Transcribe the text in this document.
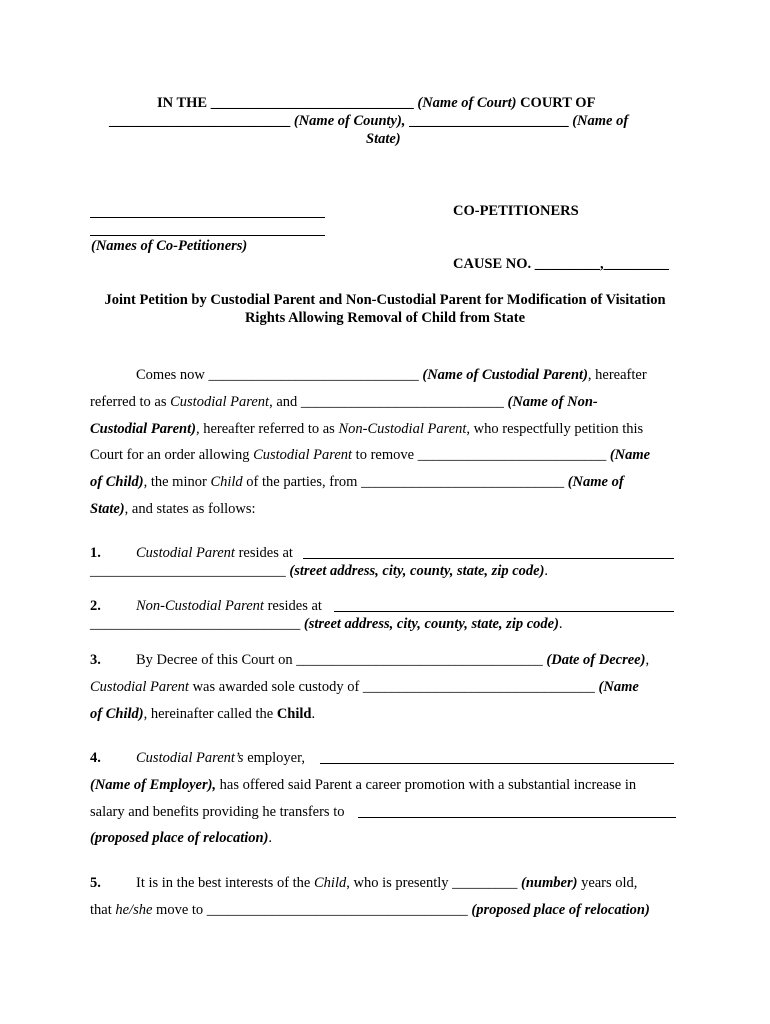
IN THE ____________________________ (Name of Court) COURT OF
_________________________ (Name of County), ______________________ (Name of
State)
(Names of Co-Petitioners)
CO-PETITIONERS
CAUSE NO. _________,_________
Joint Petition by Custodial Parent and Non-Custodial Parent for Modification of Visitation
Rights Allowing Removal of Child from State
Comes now _____________________________ (Name of Custodial Parent), hereafter
referred to as Custodial Parent, and ____________________________ (Name of Non-
Custodial Parent), hereafter referred to as Non-Custodial Parent, who respectfully petition this
Court for an order allowing Custodial Parent to remove __________________________ (Name
of Child), the minor Child of the parties, from ____________________________ (Name of
State), and states as follows:
1. Custodial Parent resides at
___________________________ (street address, city, county, state, zip code).
2. Non-Custodial Parent resides at
_____________________________ (street address, city, county, state, zip code).
3. By Decree of this Court on __________________________________ (Date of Decree),
Custodial Parent was awarded sole custody of ________________________________ (Name
of Child), hereinafter called the Child.
4. Custodial Parent’s employer,
(Name of Employer), has offered said Parent a career promotion with a substantial increase in
salary and benefits providing he transfers to
(proposed place of relocation).
5. It is in the best interests of the Child, who is presently _________ (number) years old,
that he/she move to ____________________________________ (proposed place of relocation)
